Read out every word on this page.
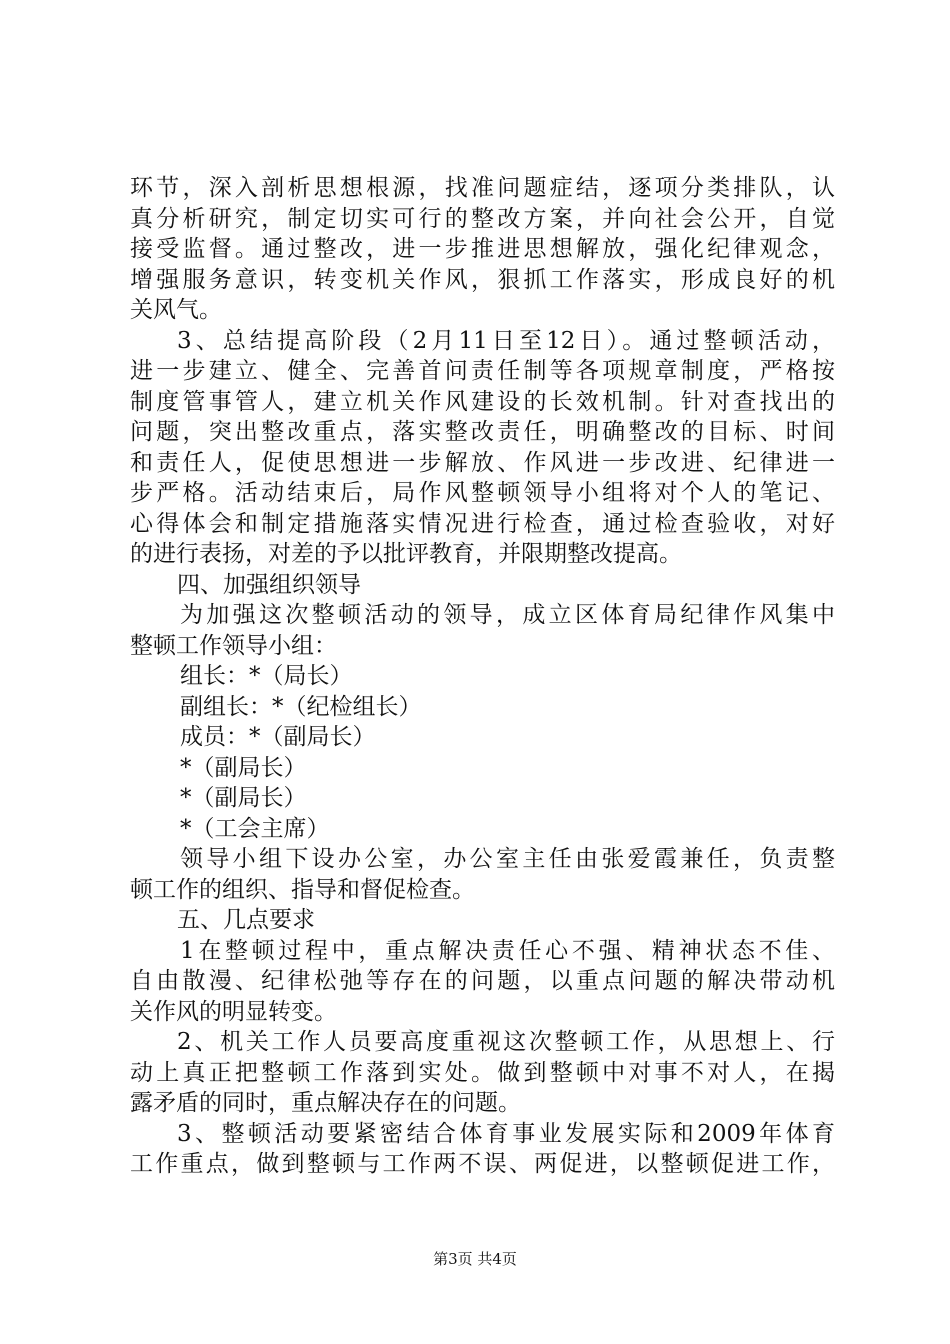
环节，深入剖析思想根源，找准问题症结，逐项分类排队，认
真分析研究，制定切实可行的整改方案，并向社会公开，自觉
接受监督。通过整改，进一步推进思想解放，强化纪律观念，
增强服务意识，转变机关作风，狠抓工作落实，形成良好的机
关风气。
3、总结提高阶段（2月11日至12日）。通过整顿活动，
进一步建立、健全、完善首问责任制等各项规章制度，严格按
制度管事管人，建立机关作风建设的长效机制。针对查找出的
问题，突出整改重点，落实整改责任，明确整改的目标、时间
和责任人，促使思想进一步解放、作风进一步改进、纪律进一
步严格。活动结束后，局作风整顿领导小组将对个人的笔记、
心得体会和制定措施落实情况进行检查，通过检查验收，对好
的进行表扬，对差的予以批评教育，并限期整改提高。
四、加强组织领导
为加强这次整顿活动的领导，成立区体育局纪律作风集中
整顿工作领导小组：
组长：*（局长）
副组长：*（纪检组长）
成员：*（副局长）
*（副局长）
*（副局长）
*（工会主席）
领导小组下设办公室，办公室主任由张爱霞兼任，负责整
顿工作的组织、指导和督促检查。
五、几点要求
1在整顿过程中，重点解决责任心不强、精神状态不佳、
自由散漫、纪律松弛等存在的问题，以重点问题的解决带动机
关作风的明显转变。
2、机关工作人员要高度重视这次整顿工作，从思想上、行
动上真正把整顿工作落到实处。做到整顿中对事不对人，在揭
露矛盾的同时，重点解决存在的问题。
3、整顿活动要紧密结合体育事业发展实际和2009年体育
工作重点，做到整顿与工作两不误、两促进，以整顿促进工作，
第3页 共4页
